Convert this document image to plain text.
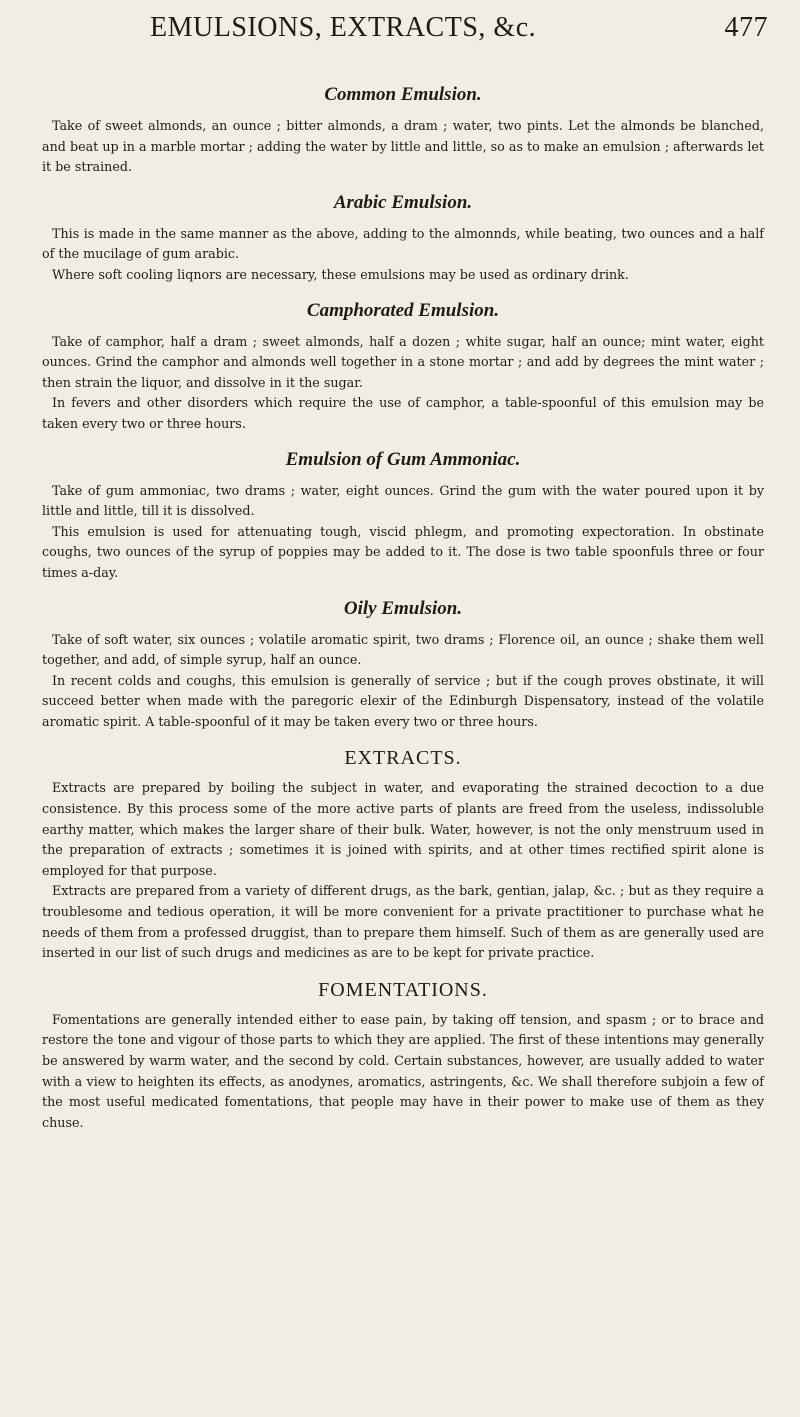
EMULSIONS, EXTRACTS, &c.	477
Common Emulsion.

Take of sweet almonds, an ounce ; bitter almonds, a dram ; water, two pints. Let the almonds be blanched, and beat up in a marble mortar ; adding the water by little and little, so as to make an emulsion ; afterwards let it be strained.

Arabic Emulsion.

This is made in the same manner as the above, adding to the almonnds, while beating, two ounces and a half of the mucilage of gum arabic.

Where soft cooling liqnors are necessary, these emulsions may be used as ordinary drink.

Camphorated Emulsion.

Take of camphor, half a dram ; sweet almonds, half a dozen ; white sugar, half an ounce; mint water, eight ounces. Grind the camphor and almonds well together in a stone mortar ; and add by degrees the mint water ; then strain the liquor, and dissolve in it the sugar.

In fevers and other disorders which require the use of camphor, a table-spoonful of this emulsion may be taken every two or three hours.

Emulsion of Gum Ammoniac.

Take of gum ammoniac, two drams ; water, eight ounces. Grind the gum with the water poured upon it by little and little, till it is dissolved.

This emulsion is used for attenuating tough, viscid phlegm, and promoting expectoration. In obstinate coughs, two ounces of the syrup of poppies may be added to it. The dose is two table spoonfuls three or four times a-day.

Oily Emulsion.

Take of soft water, six ounces ; volatile aromatic spirit, two drams ; Florence oil, an ounce ; shake them well together, and add, of simple syrup, half an ounce.

In recent colds and coughs, this emulsion is generally of service ; but if the cough proves obstinate, it will succeed better when made with the paregoric elexir of the Edinburgh Dispensatory, instead of the volatile aromatic spirit. A table-spoonful of it may be taken every two or three hours.

EXTRACTS.

Extracts are prepared by boiling the subject in water, and evaporating the strained decoction to a due consistence. By this process some of the more active parts of plants are freed from the useless, indissoluble earthy matter, which makes the larger share of their bulk. Water, however, is not the only menstruum used in the preparation of extracts ; sometimes it is joined with spirits, and at other times rectified spirit alone is employed for that purpose.

Extracts are prepared from a variety of different drugs, as the bark, gentian, jalap, &c. ; but as they require a troublesome and tedious operation, it will be more convenient for a private practitioner to purchase what he needs of them from a professed druggist, than to prepare them himself. Such of them as are generally used are inserted in our list of such drugs and medicines as are to be kept for private practice.

FOMENTATIONS.

Fomentations are generally intended either to ease pain, by taking off tension, and spasm ; or to brace and restore the tone and vigour of those parts to which they are applied. The first of these intentions may generally be answered by warm water, and the second by cold. Certain substances, however, are usually added to water with a view to heighten its effects, as anodynes, aromatics, astringents, &c. We shall therefore subjoin a few of the most useful medicated fomentations, that people may have in their power to make use of them as they chuse.
